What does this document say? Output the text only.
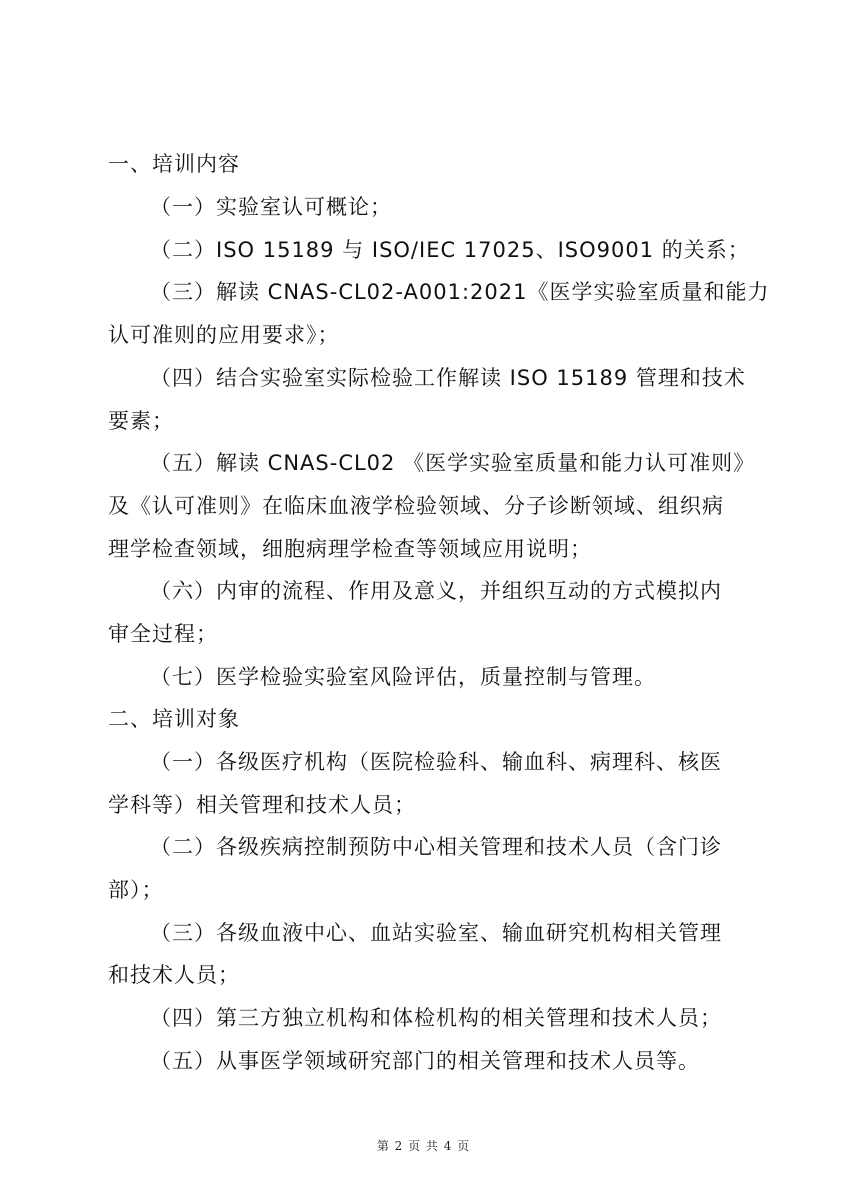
一、培训内容
（一）实验室认可概论；
（二）ISO 15189 与 ISO/IEC 17025、ISO9001 的关系；
（三）解读 CNAS-CL02-A001:2021《医学实验室质量和能力
认可准则的应用要求》；
（四）结合实验室实际检验工作解读 ISO 15189 管理和技术
要素；
（五）解读 CNAS-CL02 《医学实验室质量和能力认可准则》
及《认可准则》在临床血液学检验领域、分子诊断领域、组织病
理学检查领域，细胞病理学检查等领域应用说明；
（六）内审的流程、作用及意义，并组织互动的方式模拟内
审全过程；
（七）医学检验实验室风险评估，质量控制与管理。
二、培训对象
（一）各级医疗机构（医院检验科、输血科、病理科、核医
学科等）相关管理和技术人员；
（二）各级疾病控制预防中心相关管理和技术人员（含门诊
部）；
（三）各级血液中心、血站实验室、输血研究机构相关管理
和技术人员；
（四）第三方独立机构和体检机构的相关管理和技术人员；
（五）从事医学领域研究部门的相关管理和技术人员等。
第 2 页 共 4 页
